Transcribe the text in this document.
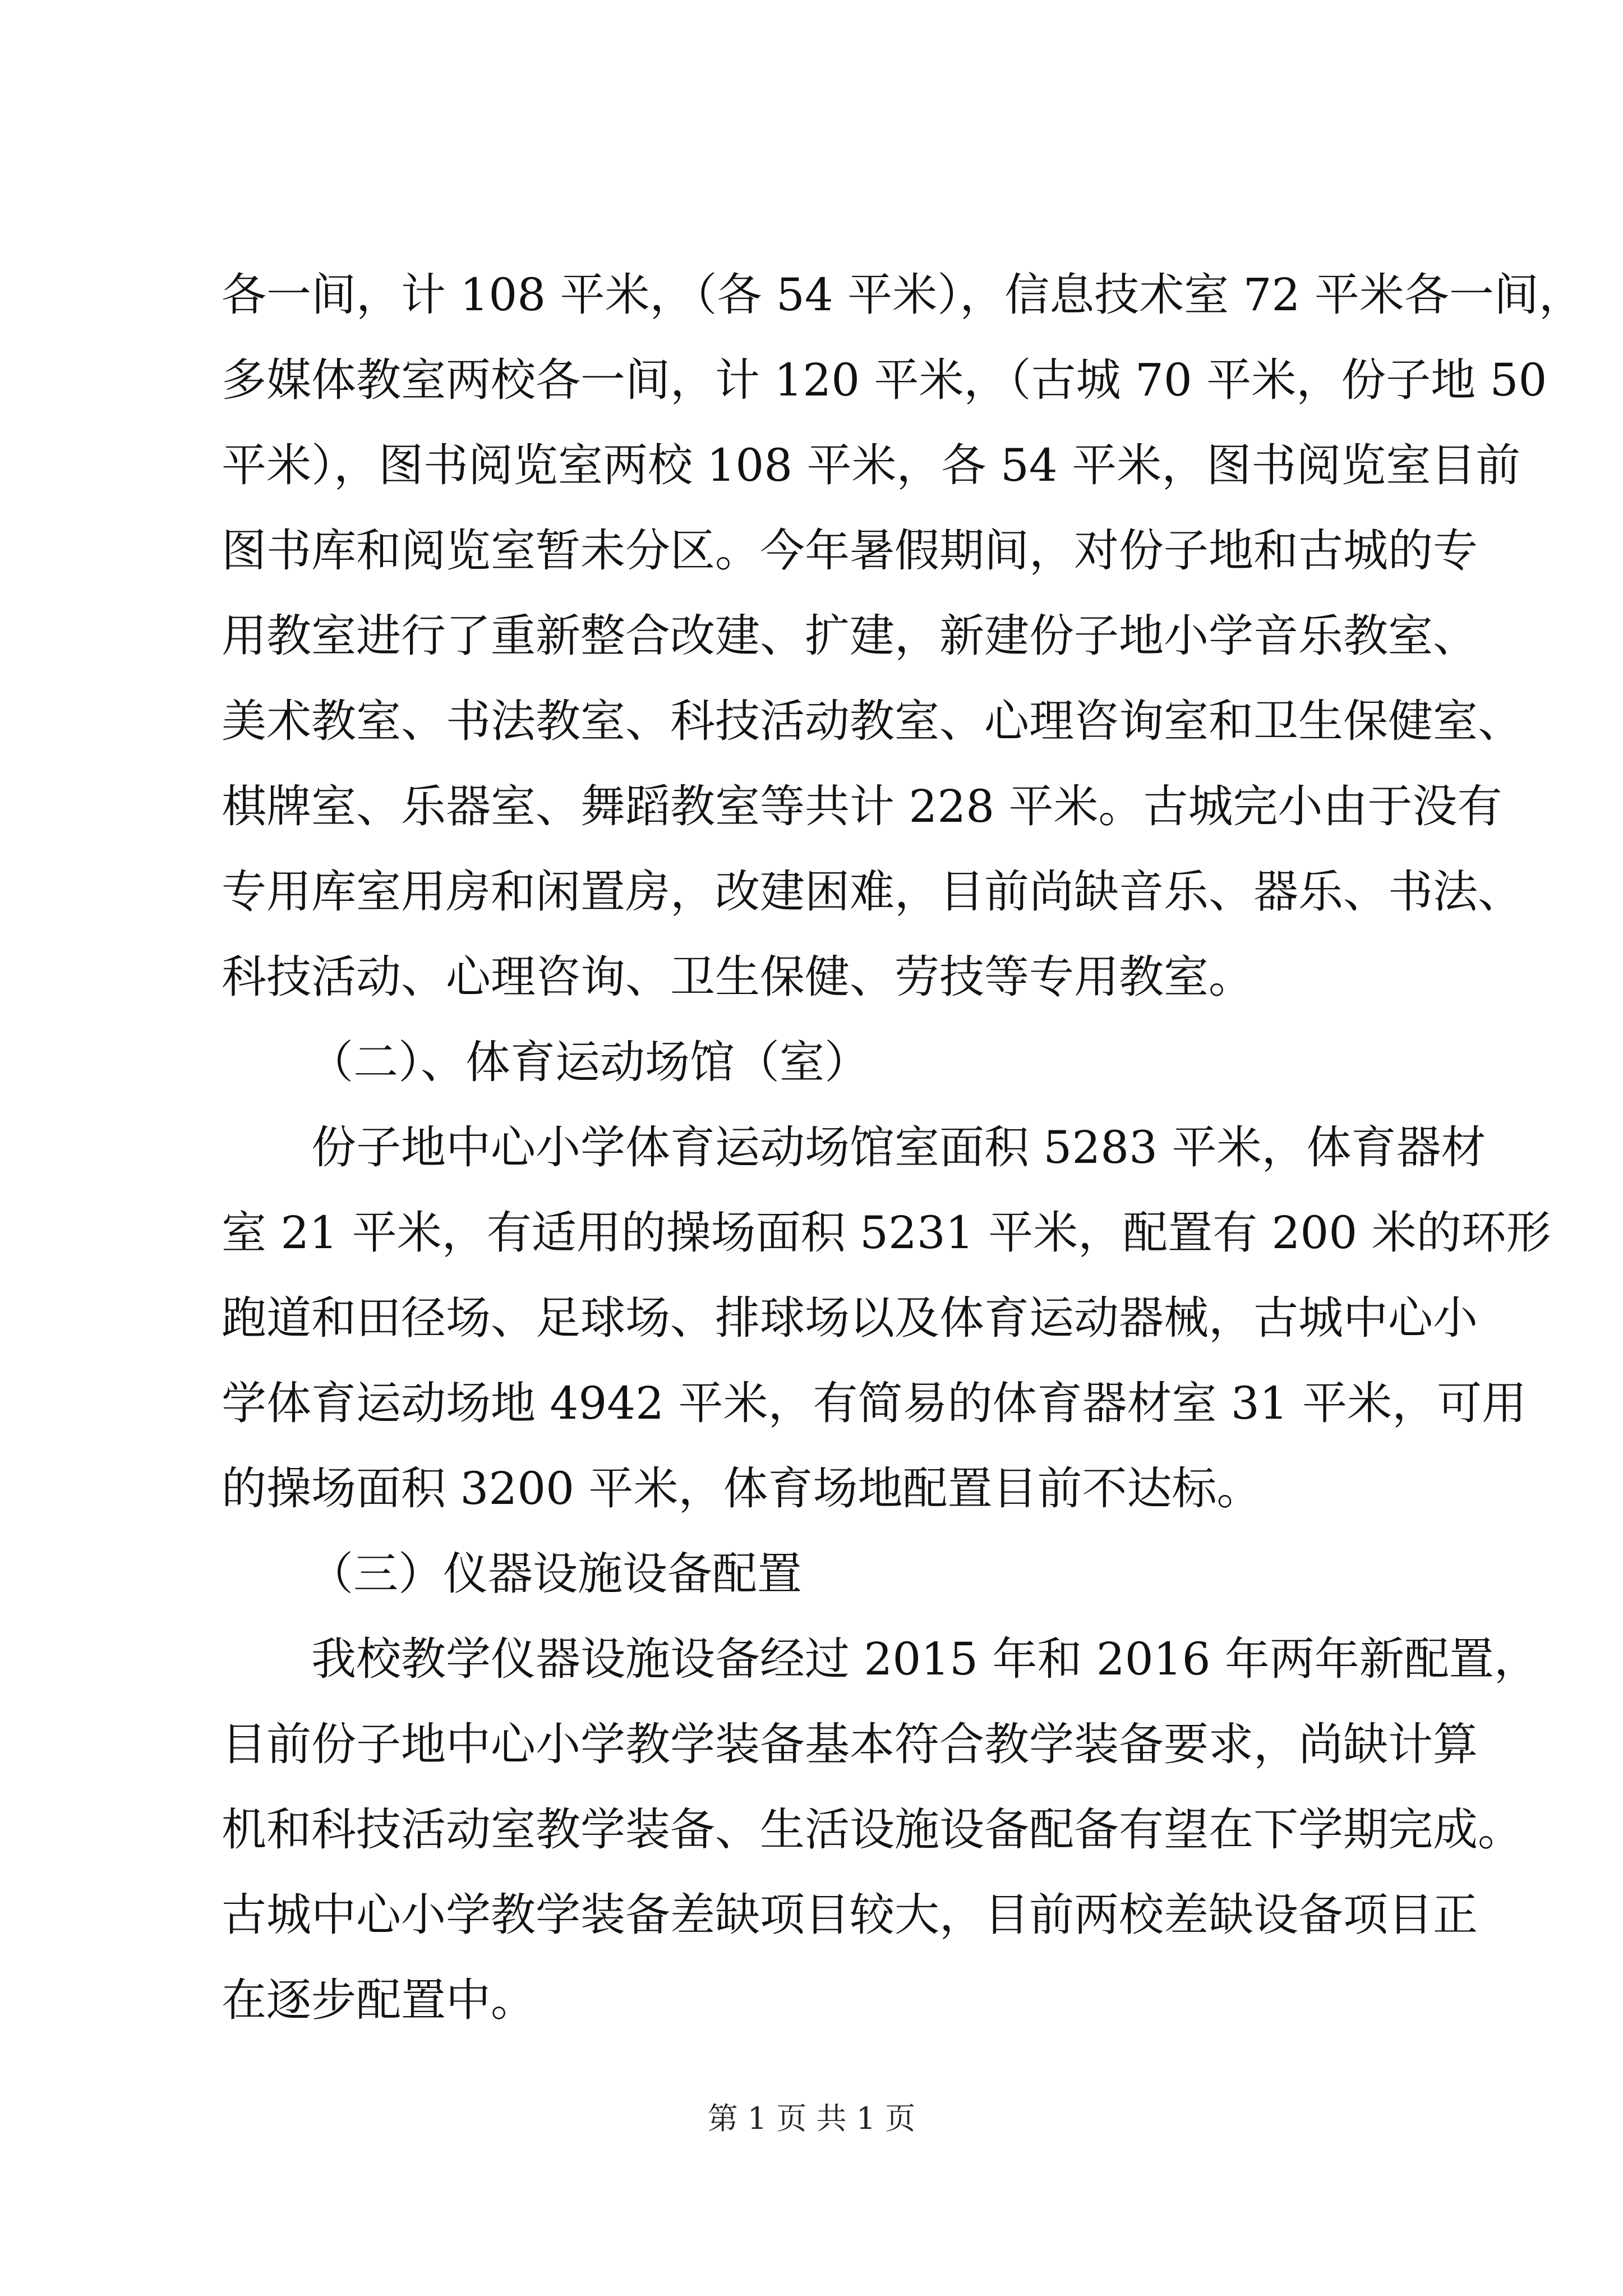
各一间，计 108 平米，（各 54 平米），信息技术室 72 平米各一间，
多媒体教室两校各一间，计 120 平米，（古城 70 平米，份子地 50
平米），图书阅览室两校 108 平米，各 54 平米，图书阅览室目前
图书库和阅览室暂未分区。今年暑假期间，对份子地和古城的专
用教室进行了重新整合改建、扩建，新建份子地小学音乐教室、
美术教室、书法教室、科技活动教室、心理咨询室和卫生保健室、
棋牌室、乐器室、舞蹈教室等共计 228 平米。古城完小由于没有
专用库室用房和闲置房，改建困难，目前尚缺音乐、器乐、书法、
科技活动、心理咨询、卫生保健、劳技等专用教室。
（二）、体育运动场馆（室）
份子地中心小学体育运动场馆室面积 5283 平米，体育器材
室 21 平米，有适用的操场面积 5231 平米，配置有 200 米的环形
跑道和田径场、足球场、排球场以及体育运动器械，古城中心小
学体育运动场地 4942 平米，有简易的体育器材室 31 平米，可用
的操场面积 3200 平米，体育场地配置目前不达标。
（三）仪器设施设备配置
我校教学仪器设施设备经过 2015 年和 2016 年两年新配置，
目前份子地中心小学教学装备基本符合教学装备要求，尚缺计算
机和科技活动室教学装备、生活设施设备配备有望在下学期完成。
古城中心小学教学装备差缺项目较大，目前两校差缺设备项目正
在逐步配置中。
第 1 页 共 1 页
